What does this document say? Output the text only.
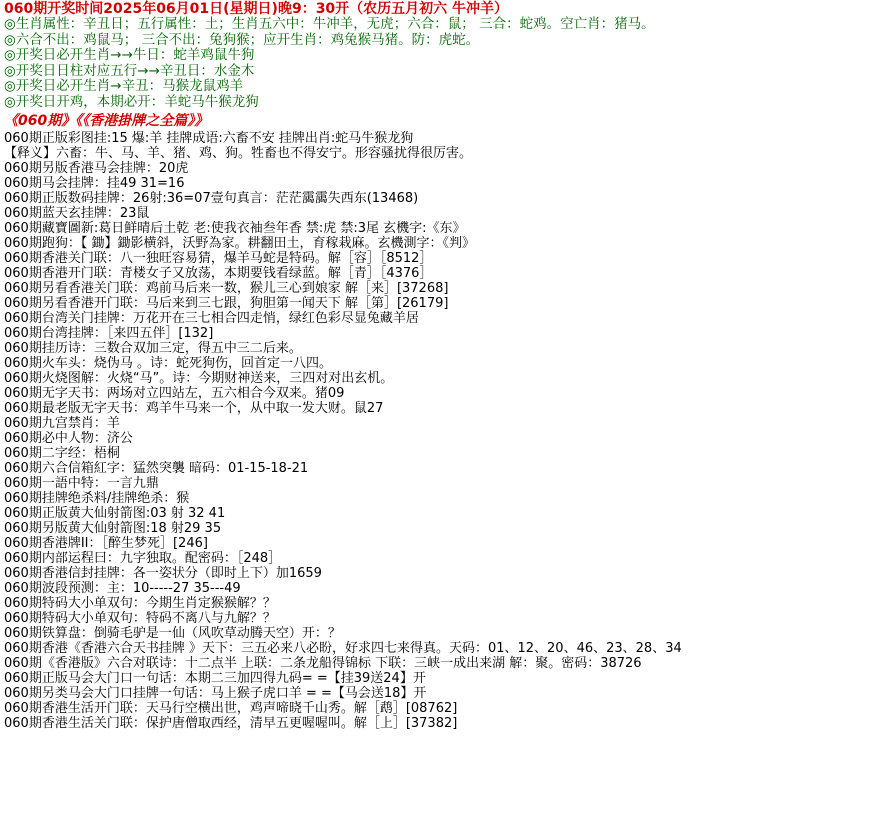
060期开奖时间2025年06月01日(星期日)晚9：30开（农历五月初六 牛冲羊）
◎生肖属性：辛丑日；五行属性：土；生肖五六中：牛冲羊，无虎；六合：鼠； 三合：蛇鸡。空亡肖：猪马。
◎六合不出：鸡鼠马； 三合不出：兔狗猴；应开生肖：鸡兔猴马猪。防：虎蛇。
◎开奖日必开生肖→→牛日：蛇羊鸡鼠牛狗
◎开奖日日柱对应五行→→辛丑日：水金木
◎开奖日必开生肖→辛丑：马猴龙鼠鸡羊
◎开奖日开鸡，本期必开：羊蛇马牛猴龙狗
《060期》《《香港掛牌之全篇》》
060期正版彩图挂:15 爆:羊 挂牌成语:六畜不安 挂牌出肖:蛇马牛猴龙狗
【释义】六畜：牛、马、羊、猪、鸡、狗。牲畜也不得安宁。形容骚扰得很厉害。
060期另版香港马会挂牌：20虎
060期马会挂牌：挂49 31=16
060期正版数码挂牌：26射:36=07壹句真言：茫茫靄靄失西东(13468)
060期蓝天玄挂牌：23鼠
060期藏寶圖新:葛日鲜晴后土乾 老:使我衣袖叁年香 禁:虎 禁:3尾 玄機字:《东》
060期跑狗：【 鋤】鋤影横斜，沃野為家。耕翻田土，育稼栽麻。玄機測字：《判》
060期香港关门联：八一独旺容易猜，爆羊马蛇是特码。解［容］［8512］
060期香港开门联：青楼女子又放荡，本期要钱看绿蓝。解［青］［4376］
060期另看香港关门联：鸡前马后来一数，猴儿三心到娘家 解［来］[37268]
060期另看香港开门联：马后来到三七跟，狗胆第一闻天下 解［第］[26179]
060期台湾关门挂牌：万花开在三七相合四走悄，绿红色彩尽显兔藏羊居
060期台湾挂牌：［来四五伴］[132]
060期挂历诗：三数合双加三定，得五中三二后来。
060期火车头：烧伪马 。诗：蛇死狗伤，回首定一八四。
060期火烧图解：火烧“马”。诗：今期财神送来，三四对对出玄机。
060期无字天书：两场对立四站左，五六相合今双来。猪09
060期最老版无字天书：鸡羊牛马来一个，从中取一发大财。鼠27
060期九宫禁肖：羊
060期必中人物：济公
060期二字经：梧桐
060期六合信箱紅字：猛然突襲 暗码：01-15-18-21
060期一語中特：一言九鼎
060期挂牌绝杀料/挂牌绝杀：猴
060期正版黄大仙射箭图:03 射 32 41
060期另版黄大仙射箭图:18 射29 35
060期香港牌II：［醉生梦死］[246]
060期内部运程曰：九字独取。配密码：［248］
060期香港信封挂牌：各一姿状分（即时上下）加1659
060期波段预测：主：10-----27 35---49
060期特码大小单双句：今期生肖定猴猴解？？
060期特码大小单双句：特码不离八与九解？？
060期铁算盘：倒骑毛驴是一仙（风吹草动腾天空）开：？
060期香港《香港六合天书挂牌 》天下：三五必来八必盼，好求四七来得真。天码：01、12、20、46、23、28、34
060期《香港版》六合对联诗：十二点半 上联：二条龙船得锦标 下联：三峡一成出来湖 解：聚。密码：38726
060期正版马会大门口一句话：本期二三加四得九码= =【挂39送24】开
060期另类马会大门口挂牌一句话：马上猴子虎口羊 = =【马会送18】开
060期香港生活开门联：天马行空横出世，鸡声啼晓千山秀。解［鹉］[08762]
060期香港生活关门联：保护唐僧取西经，清早五更喔喔叫。解［上］[37382]
